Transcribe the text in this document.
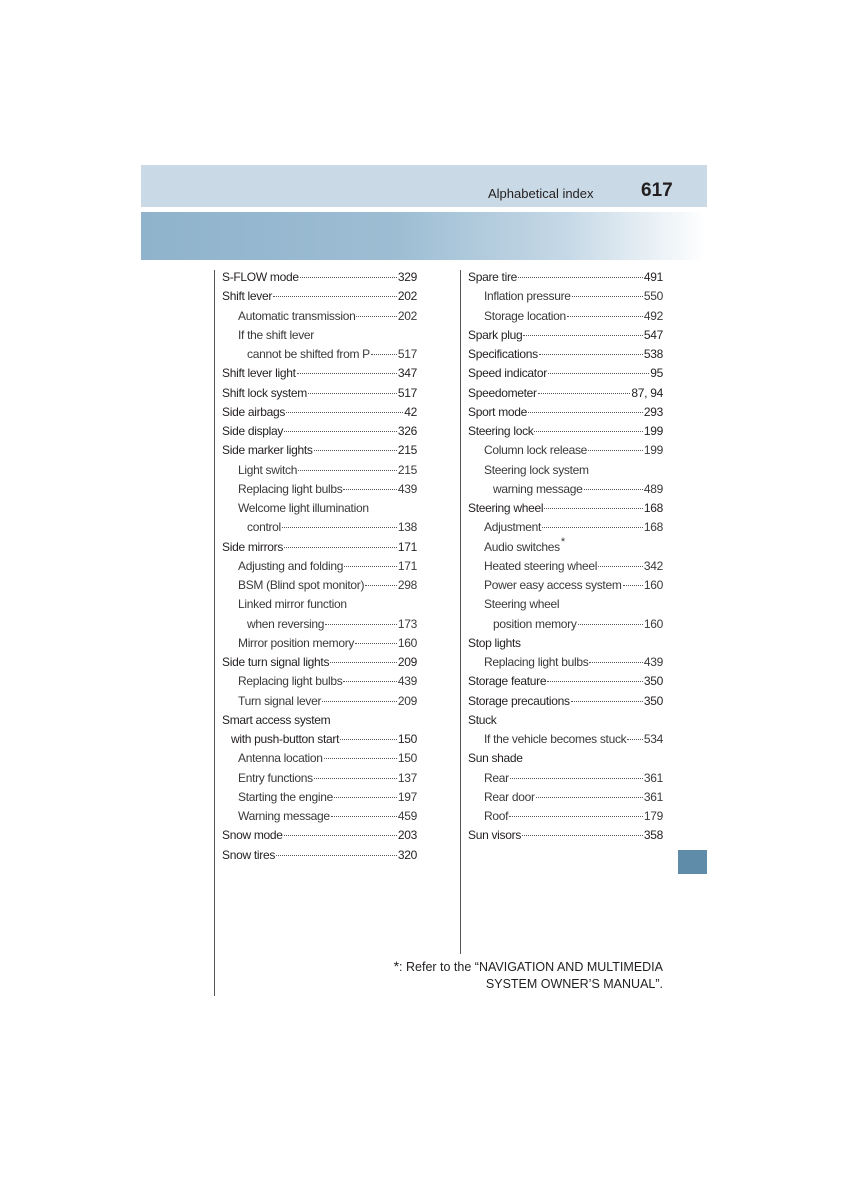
Alphabetical index 617
S-FLOW mode	329
Shift lever	202
Automatic transmission	202
If the shift lever
cannot be shifted from P 517
Shift lever light	347
Shift lock system	517
Side airbags	42
Side display	326
Side marker lights	215
Light switch	215
Replacing light bulbs	439
Welcome light illumination
control	138
Side mirrors	171
Adjusting and folding	171
BSM (Blind spot monitor)	298
Linked mirror function
when reversing	173
Mirror position memory	160
Side turn signal lights	209
Replacing light bulbs	439
Turn signal lever	209
Smart access system
with push-button start	150
Antenna location	150
Entry functions	137
Starting the engine	197
Warning message	459
Snow mode	203
Snow tires	320
Spare tire	491
Inflation pressure	550
Storage location	492
Spark plug	547
Specifications	538
Speed indicator	95
Speedometer	87, 94
Sport mode	293
Steering lock	199
Column lock release	199
Steering lock system
warning message	489
Steering wheel	168
Adjustment	168
Audio switches *
Heated steering wheel	342
Power easy access system 160
Steering wheel
position memory	160
Stop lights
Replacing light bulbs	439
Storage feature	350
Storage precautions	350
Stuck
If the vehicle becomes stuck 534
Sun shade
Rear	361
Rear door	361
Roof	179
Sun visors	358
*: Refer to the “NAVIGATION AND MULTIMEDIA
SYSTEM OWNER’S MANUAL”.
